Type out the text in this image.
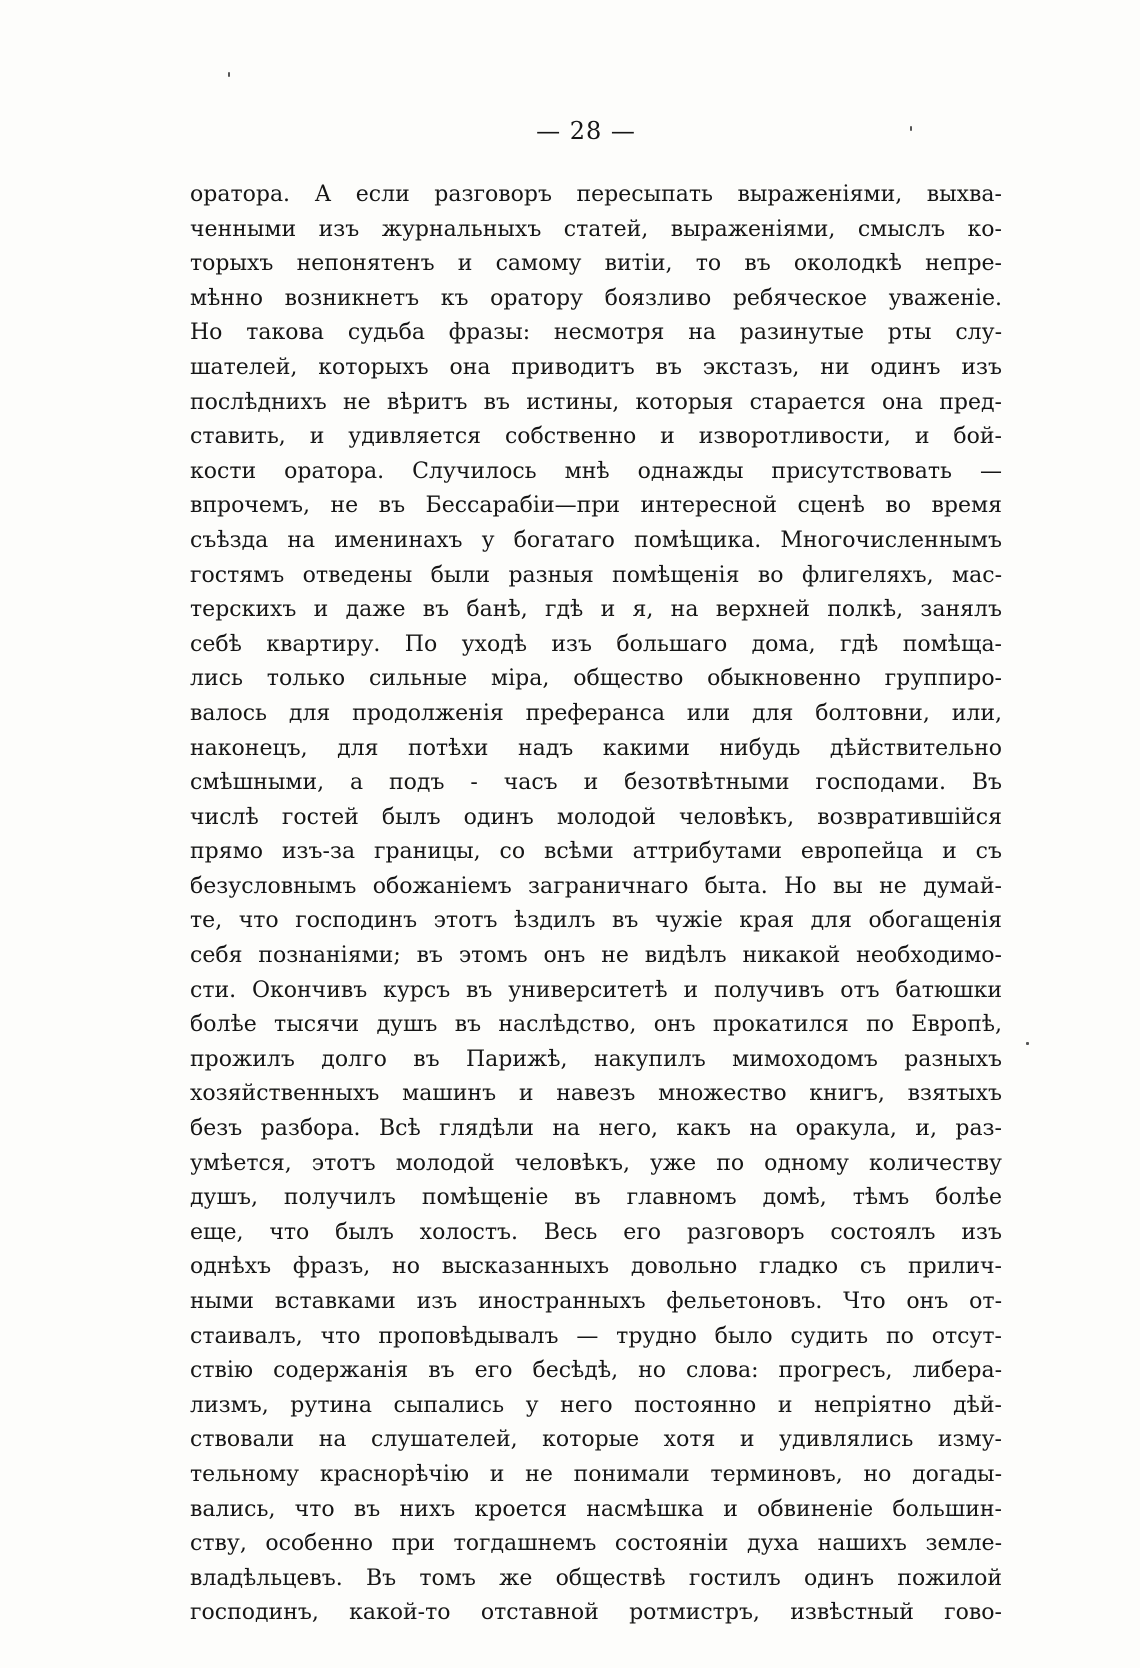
— 28 —
оратора. А если разговоръ пересыпать выраженіями, выхва-
ченными изъ журнальныхъ статей, выраженіями, смыслъ ко-
торыхъ непонятенъ и самому витіи, то въ околодкѣ непре-
мѣнно возникнетъ къ оратору боязливо ребяческое уваженіе.
Но такова судьба фразы: несмотря на разинутые рты слу-
шателей, которыхъ она приводитъ въ экстазъ, ни одинъ изъ
послѣднихъ не вѣритъ въ истины, которыя старается она пред-
ставить, и удивляется собственно и изворотливости, и бой-
кости оратора. Случилось мнѣ однажды присутствовать —
впрочемъ, не въ Бессарабіи—при интересной сценѣ во время
съѣзда на именинахъ у богатаго помѣщика. Многочисленнымъ
гостямъ отведены были разныя помѣщенія во флигеляхъ, мас-
терскихъ и даже въ банѣ, гдѣ и я, на верхней полкѣ, занялъ
себѣ квартиру. По уходѣ изъ большаго дома, гдѣ помѣща-
лись только сильные міра, общество обыкновенно группиро-
валось для продолженія преферанса или для болтовни, или,
наконецъ, для потѣхи надъ какими нибудь дѣйствительно
смѣшными, а подъ - часъ и безотвѣтными господами. Въ
числѣ гостей былъ одинъ молодой человѣкъ, возвратившійся
прямо изъ-за границы, со всѣми аттрибутами европейца и съ
безусловнымъ обожаніемъ заграничнаго быта. Но вы не думай-
те, что господинъ этотъ ѣздилъ въ чужіе края для обогащенія
себя познаніями; въ этомъ онъ не видѣлъ никакой необходимо-
сти. Окончивъ курсъ въ университетѣ и получивъ отъ батюшки
болѣе тысячи душъ въ наслѣдство, онъ прокатился по Европѣ,
прожилъ долго въ Парижѣ, накупилъ мимоходомъ разныхъ
хозяйственныхъ машинъ и навезъ множество книгъ, взятыхъ
безъ разбора. Всѣ глядѣли на него, какъ на оракула, и, раз-
умѣется, этотъ молодой человѣкъ, уже по одному количеству
душъ, получилъ помѣщеніе въ главномъ домѣ, тѣмъ болѣе
еще, что былъ холостъ. Весь его разговоръ состоялъ изъ
однѣхъ фразъ, но высказанныхъ довольно гладко съ прилич-
ными вставками изъ иностранныхъ фельетоновъ. Что онъ от-
стаивалъ, что проповѣдывалъ — трудно было судить по отсут-
ствію содержанія въ его бесѣдѣ, но слова: прогресъ, либера-
лизмъ, рутина сыпались у него постоянно и непріятно дѣй-
ствовали на слушателей, которые хотя и удивлялись изму-
тельному краснорѣчію и не понимали терминовъ, но догады-
вались, что въ нихъ кроется насмѣшка и обвиненіе большин-
ству, особенно при тогдашнемъ состояніи духа нашихъ земле-
владѣльцевъ. Въ томъ же обществѣ гостилъ одинъ пожилой
господинъ, какой-то отставной ротмистръ, извѣстный гово-
